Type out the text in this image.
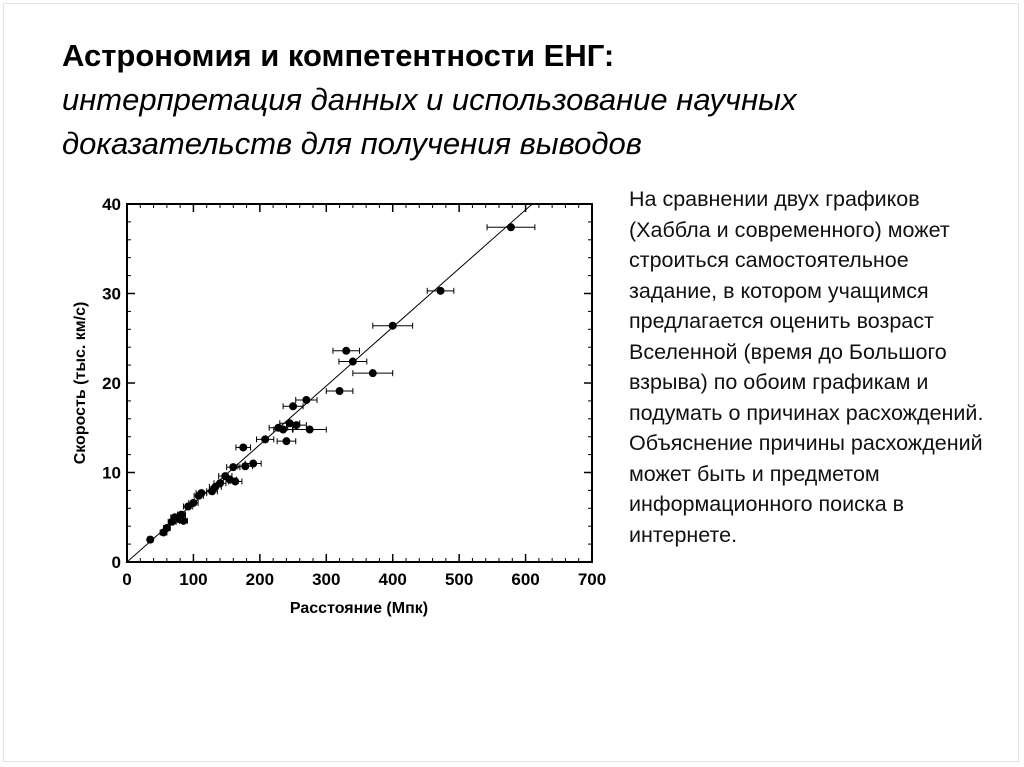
Астрономия и компетентности ЕНГ:
интерпретация данных и использование научных
доказательств для получения выводов
0
10
20
30
40
0	100 200 300 400 500 600 700
Расстояние (Мпк)
Скорость (тыс. км/с)
На сравнении двух графиков (Хаббла и современного) может строиться самостоятельное задание, в котором учащимся предлагается оценить возраст Вселенной (время до Большого взрыва) по обоим графикам и подумать о причинах расхождений. Объяснение причины расхождений может быть и предметом информационного поиска в интернете.
